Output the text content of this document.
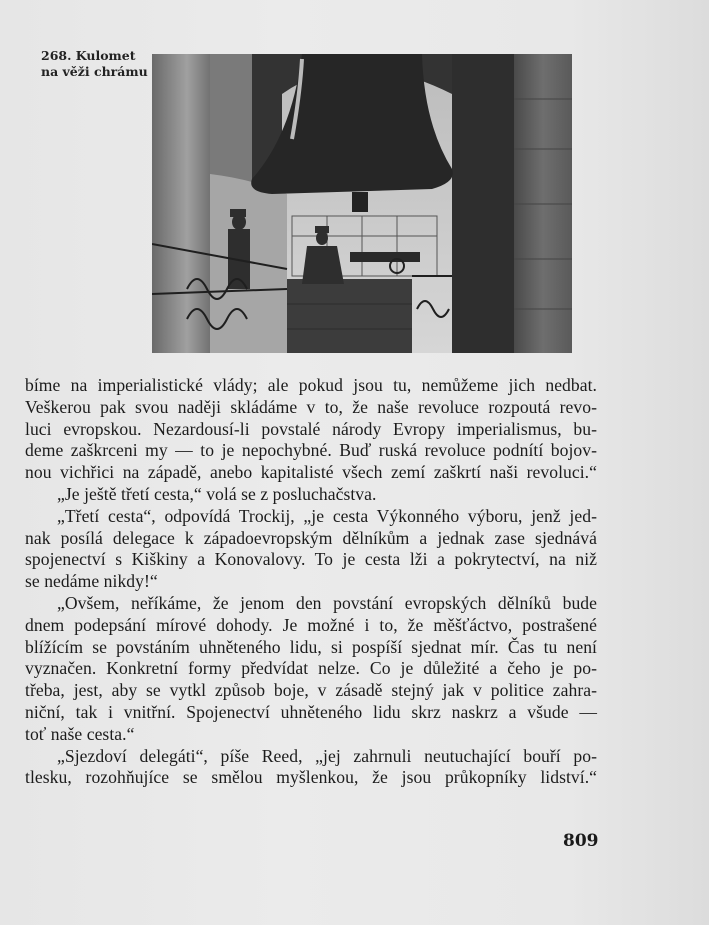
268. Kulomet
na věži chrámu

bíme na imperialistické vlády; ale pokud jsou tu, nemůžeme jich nedbat.
Veškerou pak svou naději skládáme v to, že naše revoluce rozpoutá revo-
luci evropskou. Nezardousí-li povstalé národy Evropy imperialismus, bu-
deme zaškrceni my — to je nepochybné. Buď ruská revoluce podnítí bojov-
nou vichřici na západě, anebo kapitalisté všech zemí zaškrtí naši revoluci.“

„Je ještě třetí cesta,“ volá se z posluchačstva.

„Třetí cesta“, odpovídá Trockij, „je cesta Výkonného výboru, jenž jed-
nak posílá delegace k západoevropským dělníkům a jednak zase sjednává
spojenectví s Kiškiny a Konovalovy. To je cesta lži a pokrytectví, na niž
se nedáme nikdy!“

„Ovšem, neříkáme, že jenom den povstání evropských dělníků bude
dnem podepsání mírové dohody. Je možné i to, že měšťáctvo, postrašené
blížícím se povstáním uhněteného lidu, si pospíší sjednat mír. Čas tu není
vyznačen. Konkretní formy předvídat nelze. Co je důležité a čeho je po-
třeba, jest, aby se vytkl způsob boje, v zásadě stejný jak v politice zahra-
niční, tak i vnitřní. Spojenectví uhněteného lidu skrz naskrz a všude —
toť naše cesta.“

„Sjezdoví delegáti“, píše Reed, „jej zahrnuli neutuchající bouří po-
tlesku, rozohňujíce se smělou myšlenkou, že jsou průkopníky lidství.“

809
